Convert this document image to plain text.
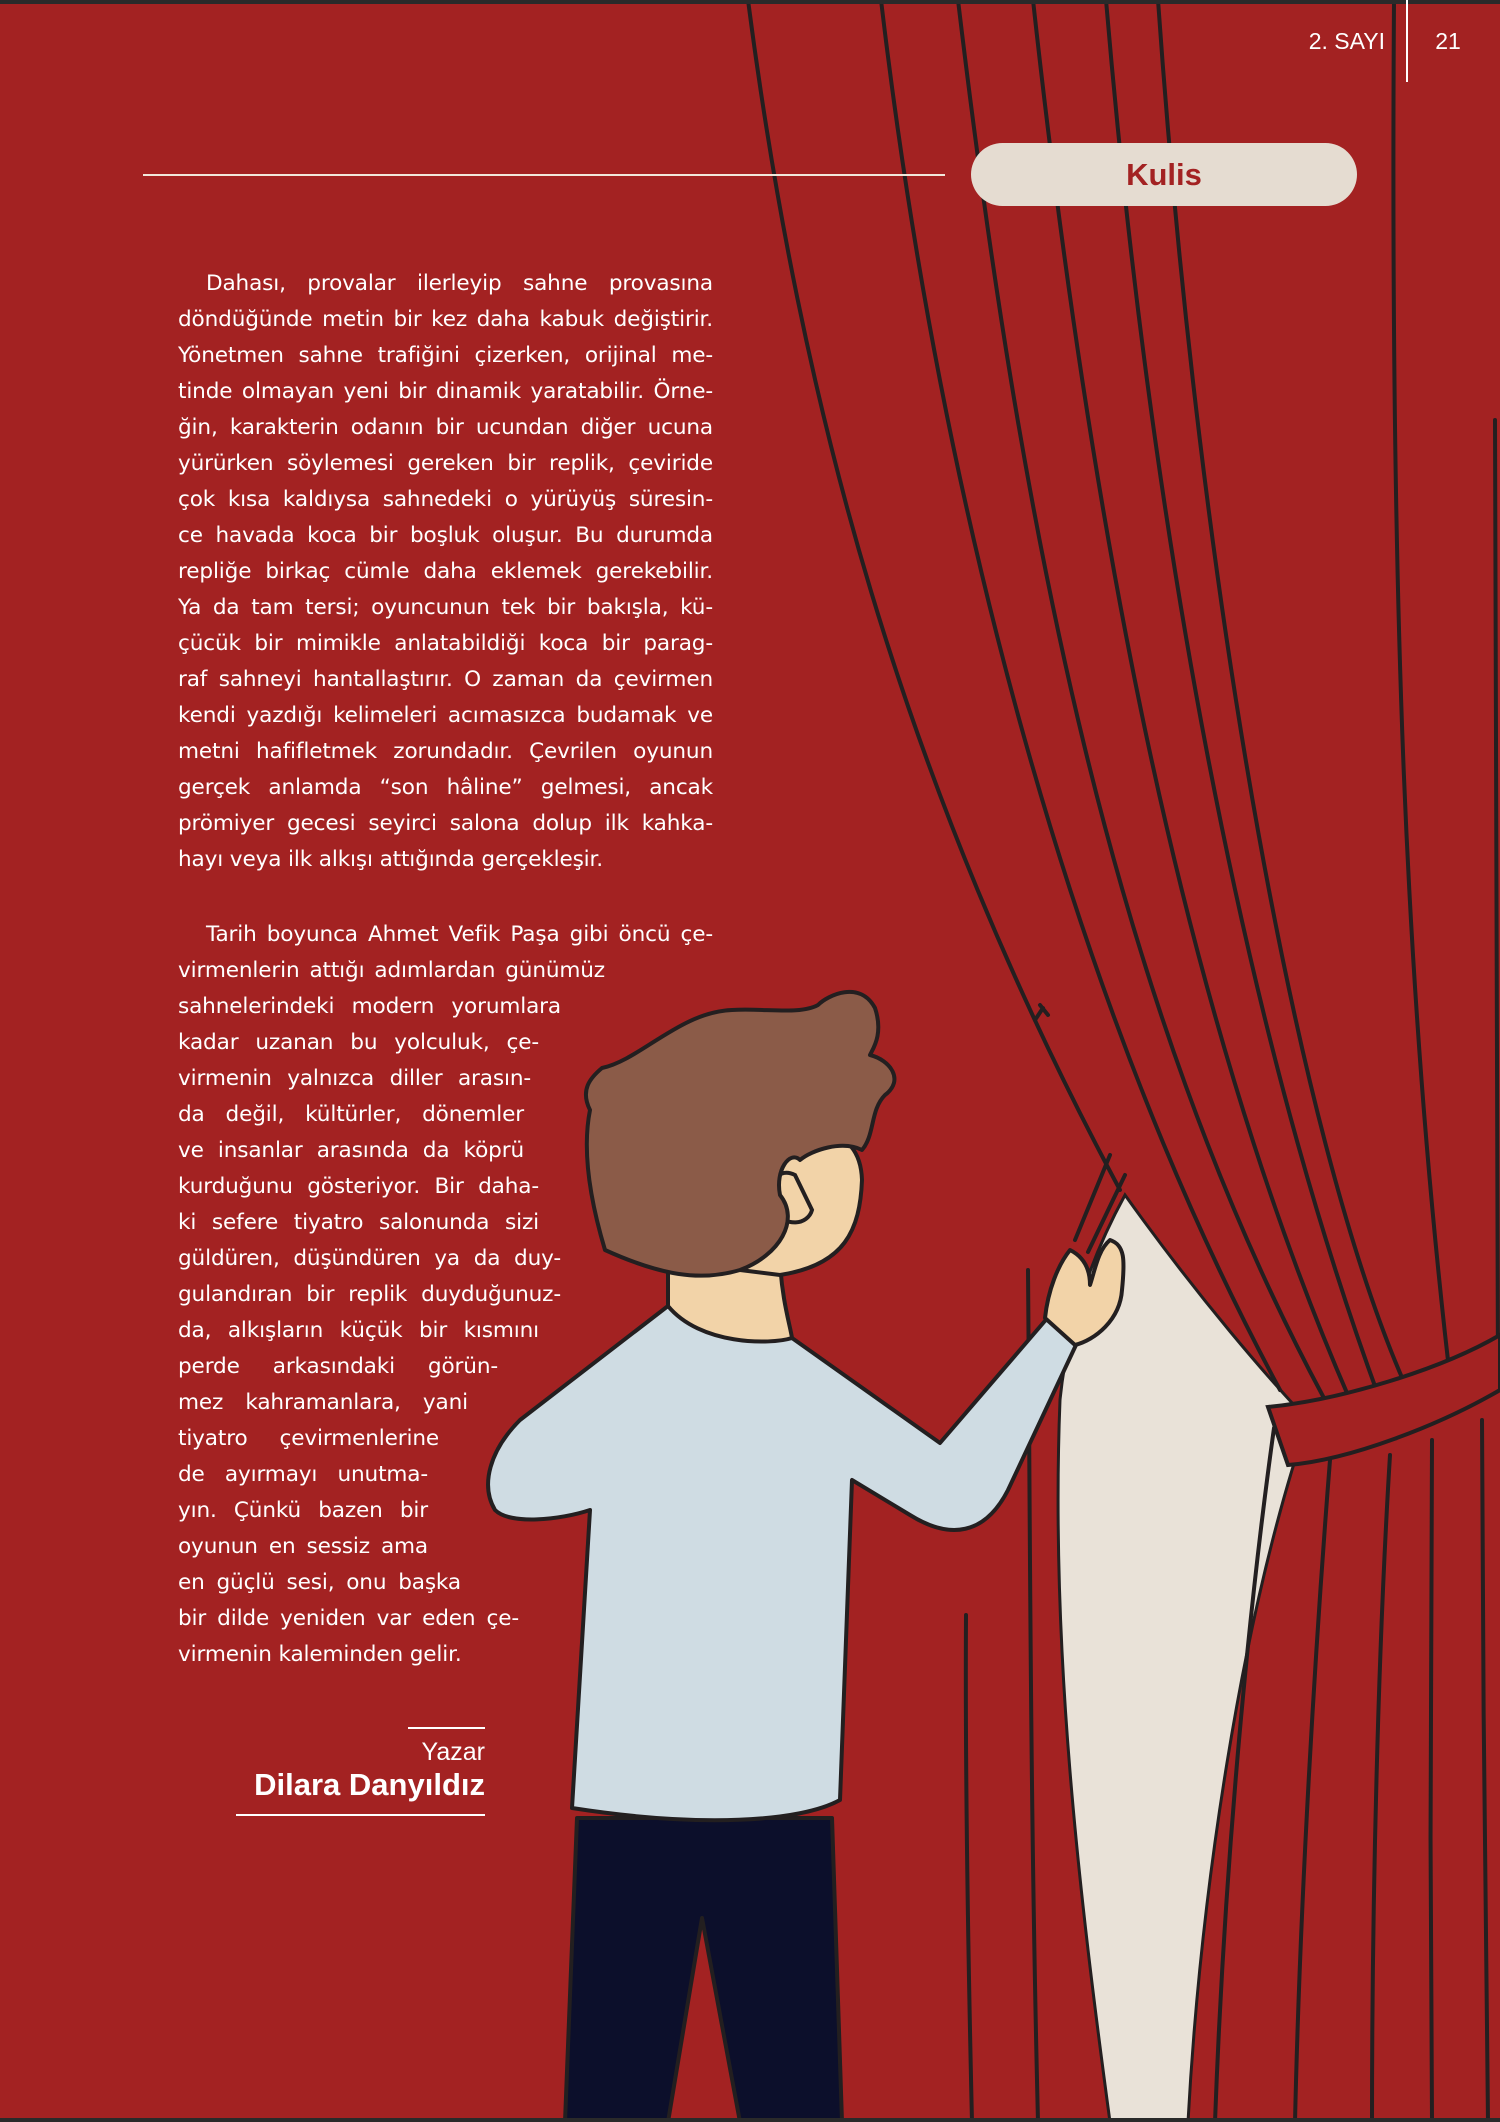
2. SAYI	21
Kulis
Dahası, provalar ilerleyip sahne provasına
döndüğünde metin bir kez daha kabuk değiştirir.
Yönetmen sahne trafiğini çizerken, orijinal me-
tinde olmayan yeni bir dinamik yaratabilir. Örne-
ğin, karakterin odanın bir ucundan diğer ucuna
yürürken söylemesi gereken bir replik, çeviride
çok kısa kaldıysa sahnedeki o yürüyüş süresin-
ce havada koca bir boşluk oluşur. Bu durumda
repliğe birkaç cümle daha eklemek gerekebilir.
Ya da tam tersi; oyuncunun tek bir bakışla, kü-
çücük bir mimikle anlatabildiği koca bir parag-
raf sahneyi hantallaştırır. O zaman da çevirmen
kendi yazdığı kelimeleri acımasızca budamak ve
metni hafifletmek zorundadır. Çevrilen oyunun
gerçek anlamda “son hâline” gelmesi, ancak
prömiyer gecesi seyirci salona dolup ilk kahka-
hayı veya ilk alkışı attığında gerçekleşir.
Tarih boyunca Ahmet Vefik Paşa gibi öncü çe-
virmenlerin attığı adımlardan günümüz
sahnelerindeki modern yorumlara
kadar uzanan bu yolculuk, çe-
virmenin yalnızca diller arasın-
da değil, kültürler, dönemler
ve insanlar arasında da köprü
kurduğunu gösteriyor. Bir daha-
ki sefere tiyatro salonunda sizi
güldüren, düşündüren ya da duy-
gulandıran bir replik duyduğunuz-
da, alkışların küçük bir kısmını
perde arkasındaki görün-
mez kahramanlara, yani
tiyatro çevirmenlerine
de ayırmayı unutma-
yın. Çünkü bazen bir
oyunun en sessiz ama
en güçlü sesi, onu başka
bir dilde yeniden var eden çe-
virmenin kaleminden gelir.
Yazar
Dilara Danyıldız
